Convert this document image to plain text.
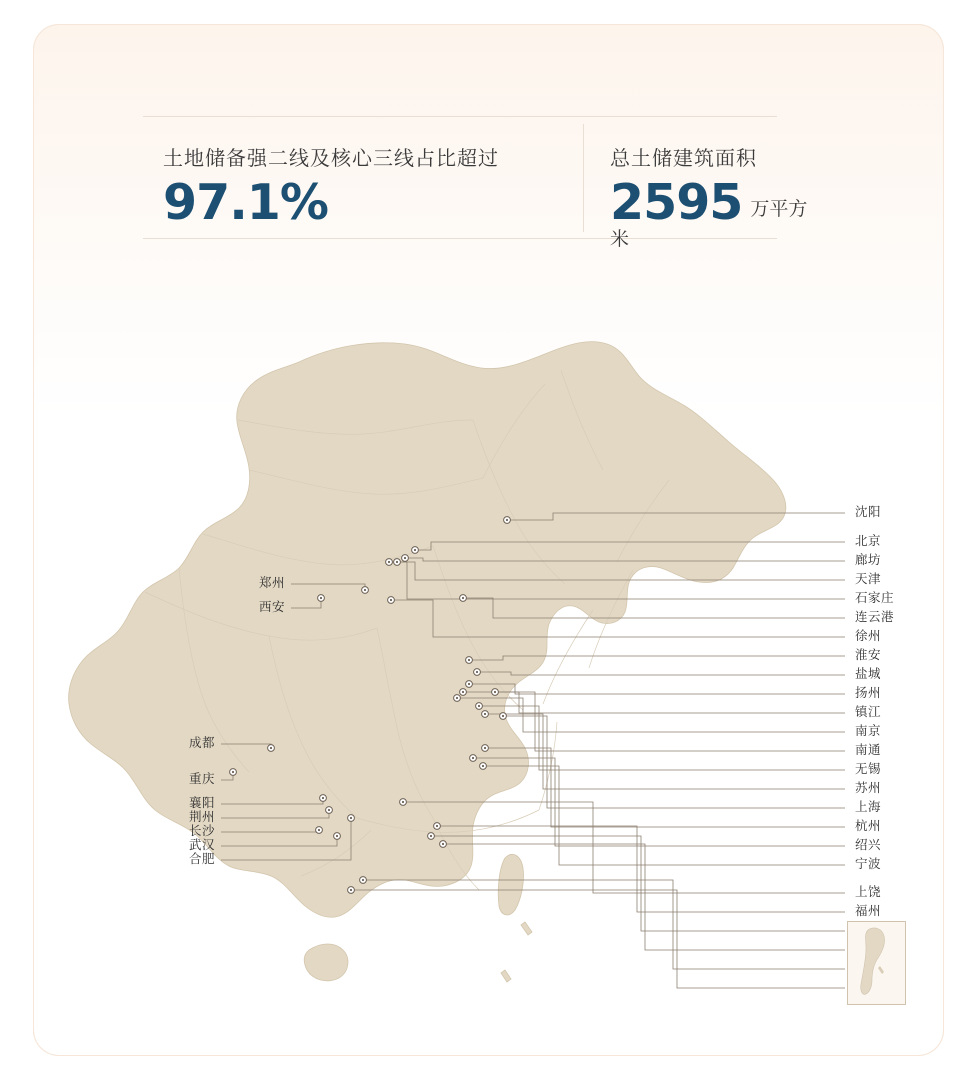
土地储备强二线及核心三线占比超过
97.1%
总土储建筑面积
2595 万平方米
沈阳
北京
廊坊
天津
石家庄
连云港
徐州
淮安
盐城
扬州
镇江
南京
南通
无锡
苏州
上海
杭州
绍兴
宁波
上饶
福州
郑州
西安
成都
重庆
襄阳
荆州
长沙
武汉
合肥
